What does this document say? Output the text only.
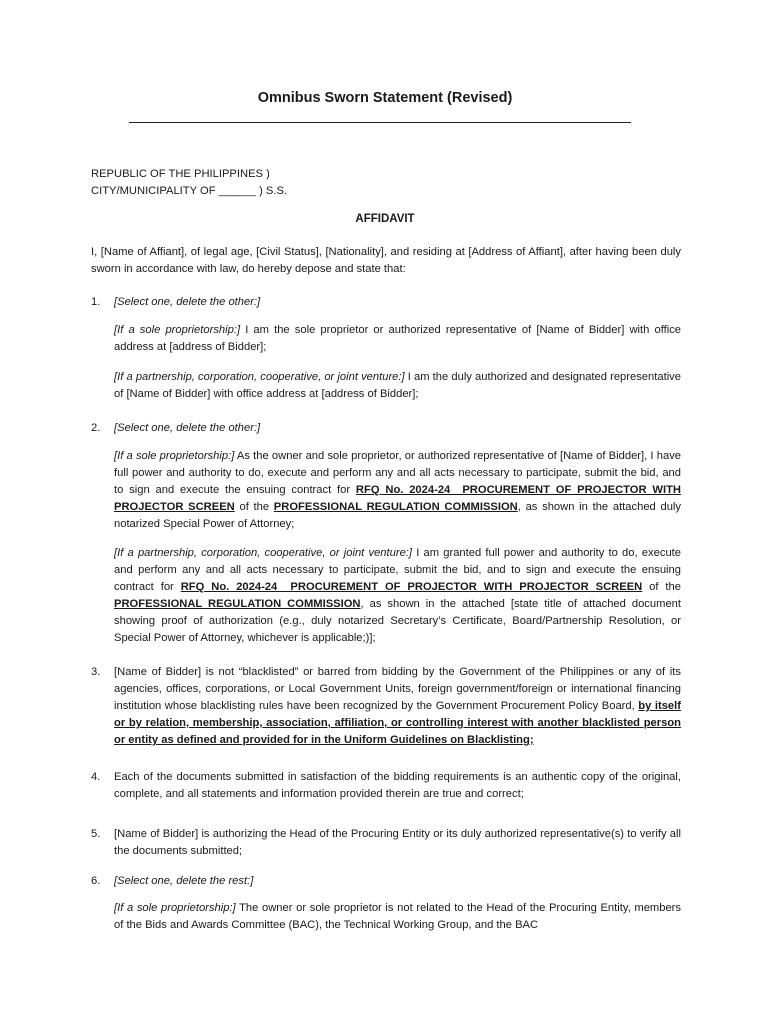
Omnibus Sworn Statement (Revised)
REPUBLIC OF THE PHILIPPINES )
CITY/MUNICIPALITY OF ______ ) S.S.
AFFIDAVIT
I, [Name of Affiant], of legal age, [Civil Status], [Nationality], and residing at [Address of Affiant], after having been duly sworn in accordance with law, do hereby depose and state that:
1. [Select one, delete the other:]
[If a sole proprietorship:] I am the sole proprietor or authorized representative of [Name of Bidder] with office address at [address of Bidder];
[If a partnership, corporation, cooperative, or joint venture:] I am the duly authorized and designated representative of [Name of Bidder] with office address at [address of Bidder];
2. [Select one, delete the other:]
[If a sole proprietorship:] As the owner and sole proprietor, or authorized representative of [Name of Bidder], I have full power and authority to do, execute and perform any and all acts necessary to participate, submit the bid, and to sign and execute the ensuing contract for RFQ No. 2024-24_ PROCUREMENT OF PROJECTOR WITH PROJECTOR SCREEN of the PROFESSIONAL REGULATION COMMISSION, as shown in the attached duly notarized Special Power of Attorney;
[If a partnership, corporation, cooperative, or joint venture:] I am granted full power and authority to do, execute and perform any and all acts necessary to participate, submit the bid, and to sign and execute the ensuing contract for RFQ No. 2024-24_ PROCUREMENT OF PROJECTOR WITH PROJECTOR SCREEN of the PROFESSIONAL REGULATION COMMISSION, as shown in the attached [state title of attached document showing proof of authorization (e.g., duly notarized Secretary’s Certificate, Board/Partnership Resolution, or Special Power of Attorney, whichever is applicable;)];
3. [Name of Bidder] is not “blacklisted” or barred from bidding by the Government of the Philippines or any of its agencies, offices, corporations, or Local Government Units, foreign government/foreign or international financing institution whose blacklisting rules have been recognized by the Government Procurement Policy Board, by itself or by relation, membership, association, affiliation, or controlling interest with another blacklisted person or entity as defined and provided for in the Uniform Guidelines on Blacklisting;
4. Each of the documents submitted in satisfaction of the bidding requirements is an authentic copy of the original, complete, and all statements and information provided therein are true and correct;
5. [Name of Bidder] is authorizing the Head of the Procuring Entity or its duly authorized representative(s) to verify all the documents submitted;
6. [Select one, delete the rest:]
[If a sole proprietorship:] The owner or sole proprietor is not related to the Head of the Procuring Entity, members of the Bids and Awards Committee (BAC), the Technical Working Group, and the BAC
